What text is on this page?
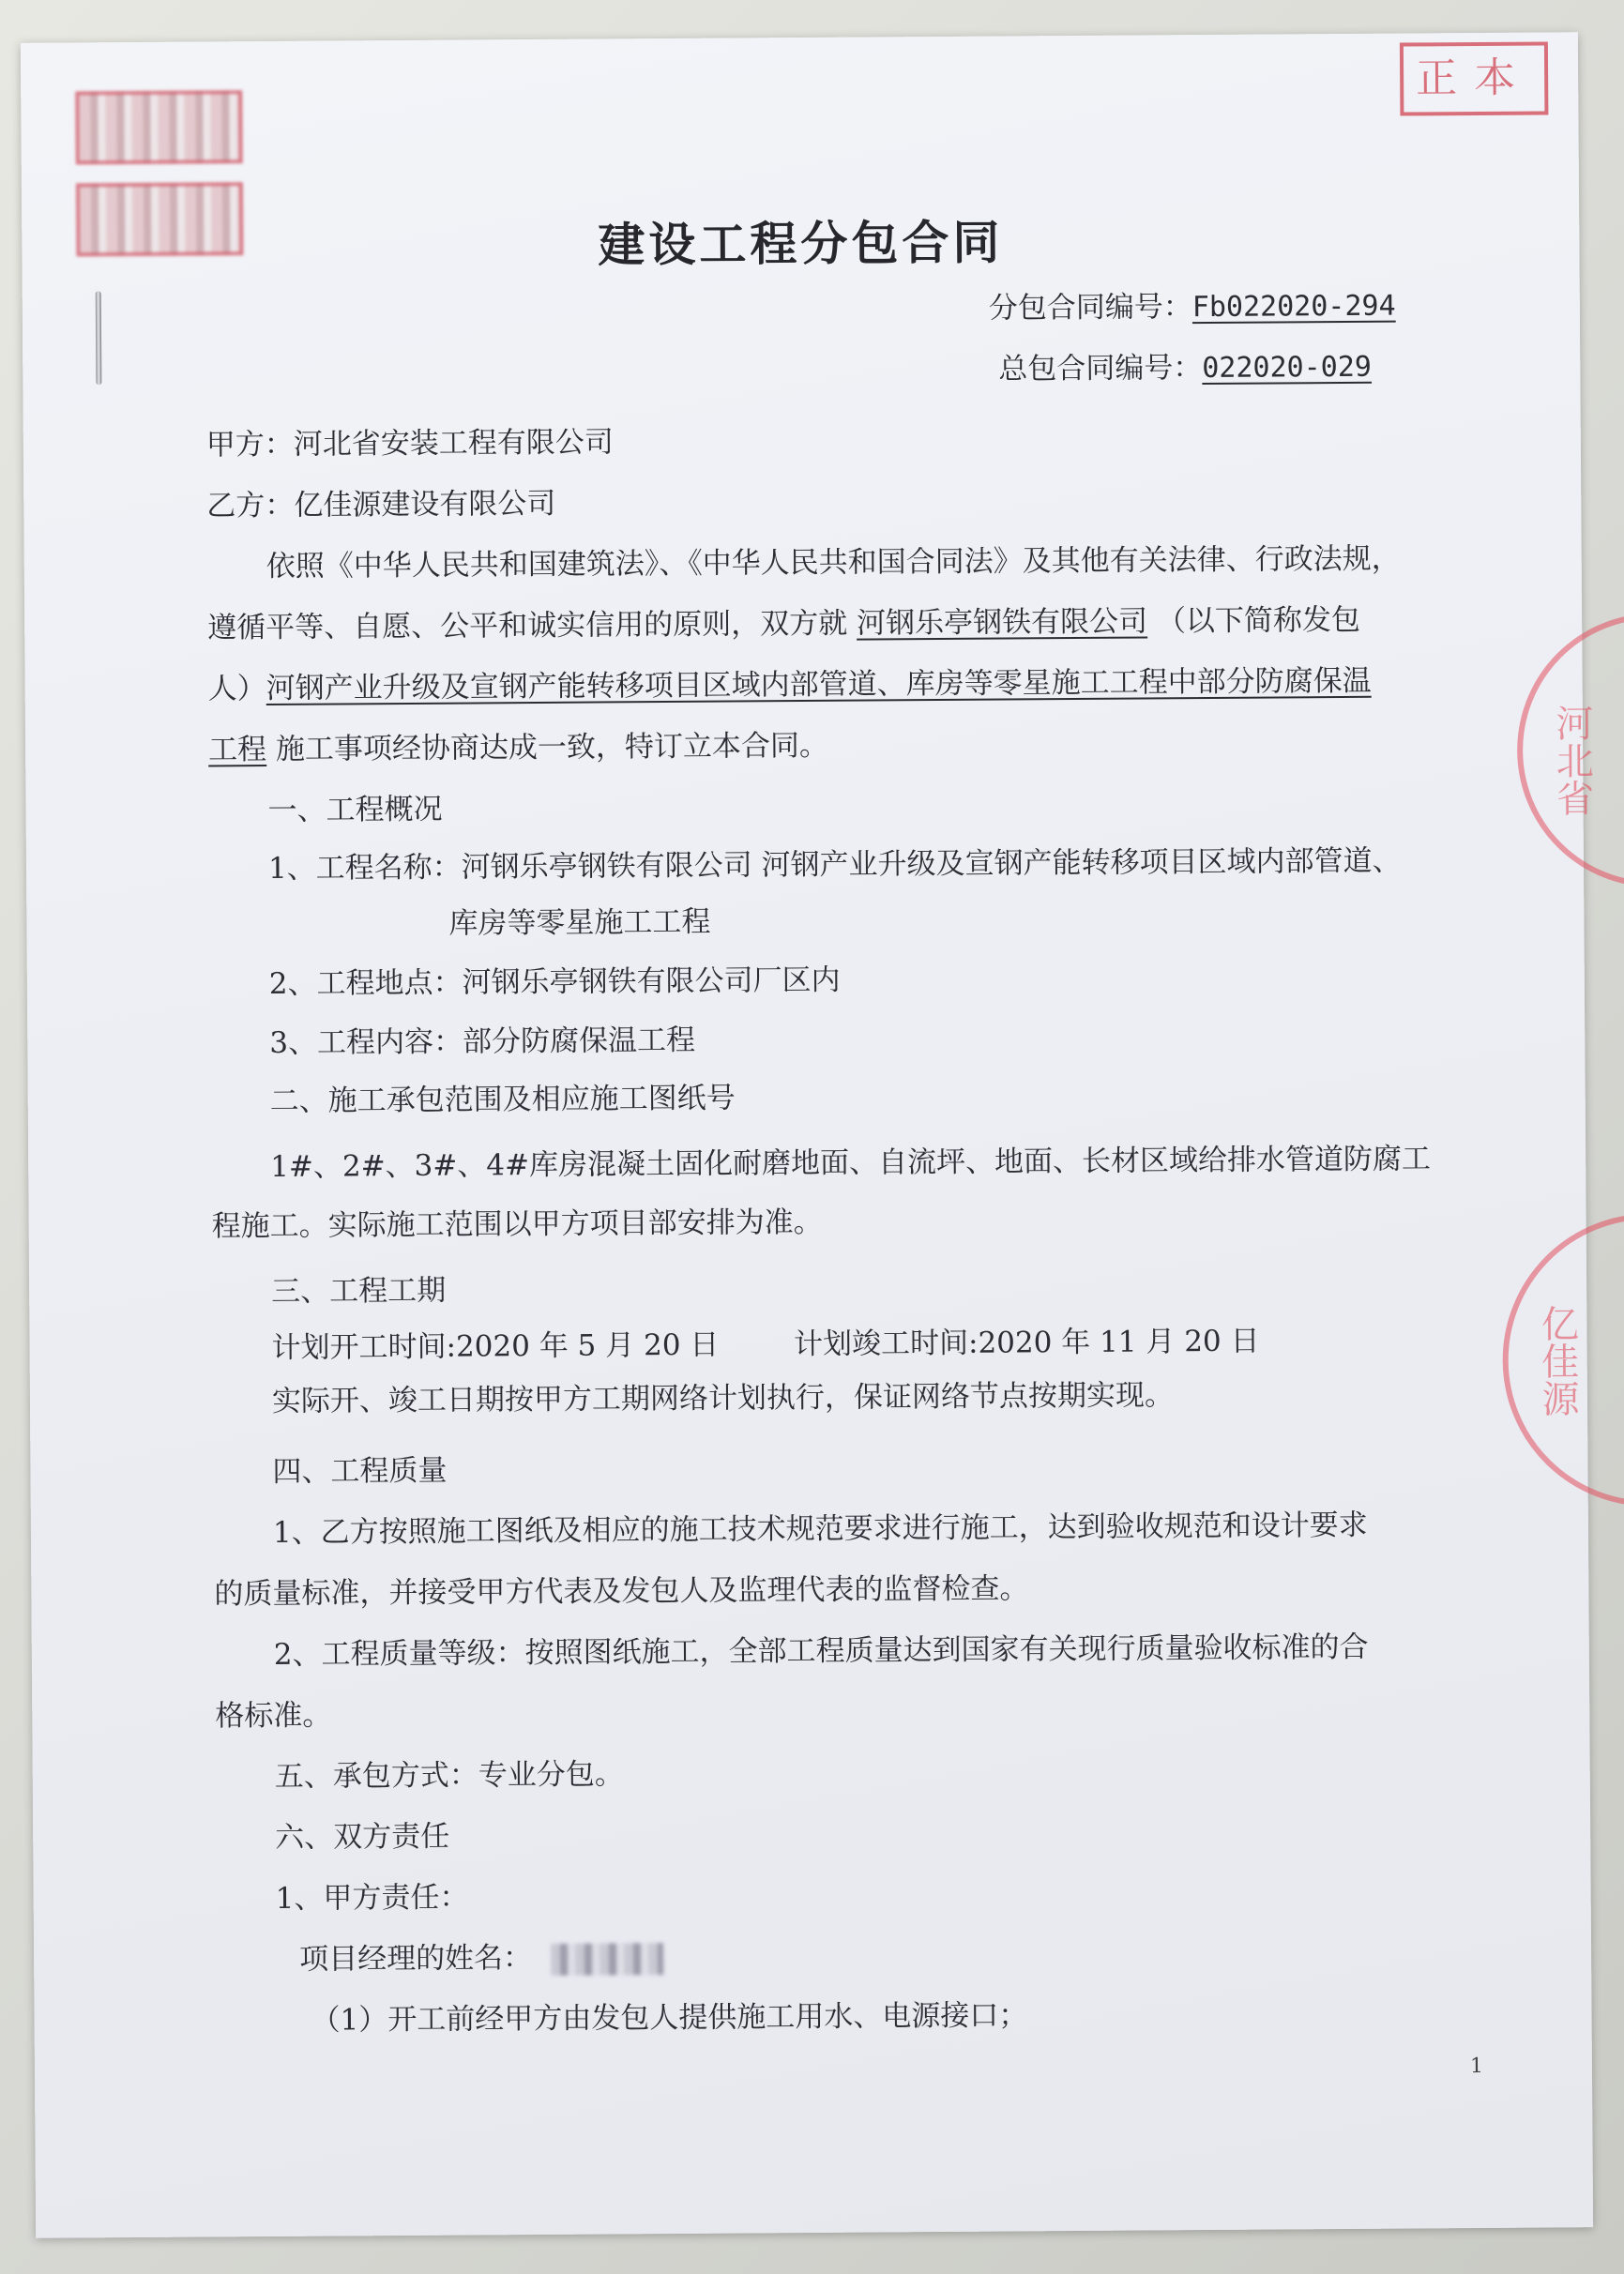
正本
河北省
亿佳源
建设工程分包合同
分包合同编号：Fb022020-294
总包合同编号：022020-029
甲方：河北省安装工程有限公司
乙方：亿佳源建设有限公司
依照《中华人民共和国建筑法》、《中华人民共和国合同法》及其他有关法律、行政法规，
遵循平等、自愿、公平和诚实信用的原则，双方就 河钢乐亭钢铁有限公司 （以下简称发包
人）河钢产业升级及宣钢产能转移项目区域内部管道、库房等零星施工工程中部分防腐保温
工程 施工事项经协商达成一致，特订立本合同。
一、工程概况
1、工程名称：河钢乐亭钢铁有限公司 河钢产业升级及宣钢产能转移项目区域内部管道、
库房等零星施工工程
2、工程地点：河钢乐亭钢铁有限公司厂区内
3、工程内容：部分防腐保温工程
二、施工承包范围及相应施工图纸号
1#、2#、3#、4#库房混凝土固化耐磨地面、自流坪、地面、长材区域给排水管道防腐工
程施工。实际施工范围以甲方项目部安排为准。
三、工程工期
计划开工时间:2020 年 5 月 20 日	计划竣工时间:2020 年 11 月 20 日
实际开、竣工日期按甲方工期网络计划执行，保证网络节点按期实现。
四、工程质量
1、乙方按照施工图纸及相应的施工技术规范要求进行施工，达到验收规范和设计要求
的质量标准，并接受甲方代表及发包人及监理代表的监督检查。
2、工程质量等级：按照图纸施工，全部工程质量达到国家有关现行质量验收标准的合
格标准。
五、承包方式：专业分包。
六、双方责任
1、甲方责任：
项目经理的姓名：
（1）开工前经甲方由发包人提供施工用水、电源接口；
1
